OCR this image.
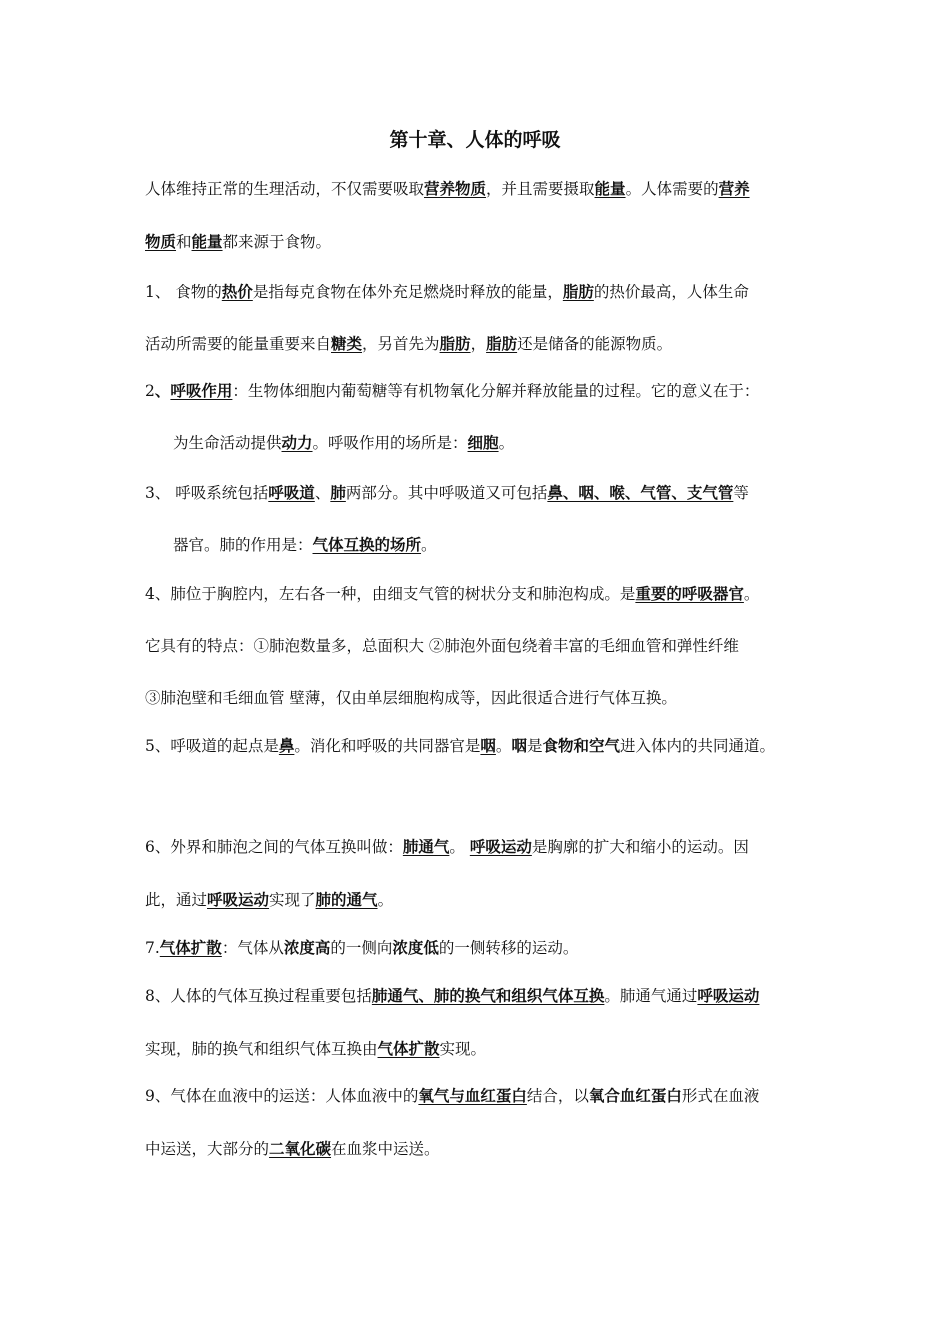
第十章、人体的呼吸
人体维持正常的生理活动，不仅需要吸取营养物质，并且需要摄取能量。人体需要的营养
物质和能量都来源于食物。
1、 食物的热价是指每克食物在体外充足燃烧时释放的能量，脂肪的热价最高，人体生命
活动所需要的能量重要来自糖类，另首先为脂肪，脂肪还是储备的能源物质。
2、呼吸作用：生物体细胞内葡萄糖等有机物氧化分解并释放能量的过程。它的意义在于：
为生命活动提供动力。呼吸作用的场所是：细胞。
3、 呼吸系统包括呼吸道、肺两部分。其中呼吸道又可包括鼻、咽、喉、气管、支气管等
器官。肺的作用是：气体互换的场所。
4、肺位于胸腔内，左右各一种，由细支气管的树状分支和肺泡构成。是重要的呼吸器官。
它具有的特点：①肺泡数量多，总面积大 ②肺泡外面包绕着丰富的毛细血管和弹性纤维
③肺泡壁和毛细血管 壁薄，仅由单层细胞构成等，因此很适合进行气体互换。
5、呼吸道的起点是鼻。消化和呼吸的共同器官是咽。咽是食物和空气进入体内的共同通道。
6、外界和肺泡之间的气体互换叫做：肺通气。 呼吸运动是胸廓的扩大和缩小的运动。因
此，通过呼吸运动实现了肺的通气。
7.气体扩散：气体从浓度高的一侧向浓度低的一侧转移的运动。
8、人体的气体互换过程重要包括肺通气、肺的换气和组织气体互换。肺通气通过呼吸运动
实现，肺的换气和组织气体互换由气体扩散实现。
9、气体在血液中的运送：人体血液中的氧气与血红蛋白结合，以氧合血红蛋白形式在血液
中运送，大部分的二氧化碳在血浆中运送。
